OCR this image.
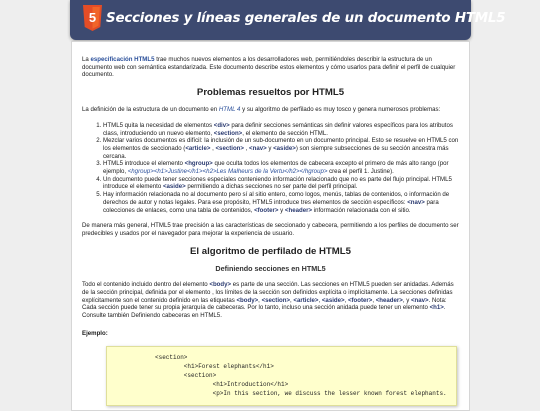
5 Secciones y líneas generales de un documento HTML5

La especificación HTML5 trae muchos nuevos elementos a los desarrolladores web, permitiéndoles describir la estructura de un documento web con semántica estandarizada. Este documento describe estos elementos y cómo usarlos para definir el perfil de cualquier documento.

Problemas resueltos por HTML5

La definición de la estructura de un documento en HTML 4 y su algoritmo de perfilado es muy tosco y genera numerosos problemas:

1. HTML5 quita la necesidad de elementos <div> para definir secciones semánticas sin definir valores específicos para los atributos class, introduciendo un nuevo elemento, <section>, el elemento de sección HTML.
2. Mezclar varios documentos es difícil: la inclusión de un sub-documento en un documento principal. Esto se resuelve en HTML5 con los elementos de seccionado (<article> , <section> , <nav> y <aside>) son siempre subsecciones de su sección ancestra más cercana.
3. HTML5 introduce el elemento <hgroup> que oculta todos los elementos de cabecera excepto el primero de más alto rango (por ejemplo, <hgroup><h1>Justine</h1><h2>Les Malheurs de la Vertu</h2></hgroup> crea el perfil 1. Justine).
4. Un documento puede tener secciones especiales conteniendo información relacionado que no es parte del flujo principal. HTML5 introduce el elemento <aside> permitiendo a dichas secciones no ser parte del perfil principal.
5. Hay información relacionada no al documento pero sí al sitio entero, como logos, menús, tablas de contenidos, o información de derechos de autor y notas legales. Para ese propósito, HTML5 introduce tres elementos de sección específicos: <nav> para colecciones de enlaces, como una tabla de contenidos, <footer> y <header> información relacionada con el sitio.

De manera más general, HTML5 trae precisión a las características de seccionado y cabecera, permitiendo a los perfiles de documento ser predecibles y usados por el navegador para mejorar la experiencia de usuario.

El algoritmo de perfilado de HTML5
Definiendo secciones en HTML5

Todo el contenido incluido dentro del elemento <body> es parte de una sección. Las secciones en HTML5 pueden ser anidadas. Además de la sección principal, definida por el elemento , los límites de la sección son definidos explícita o implícitamente. La secciones definidas explícitamente son el contenido definido en las etiquetas <body>, <section>, <article>, <aside>, <footer>, <header>, y <nav>. Nota: Cada sección puede tener su propia jerarquía de cabeceras. Por lo tanto, incluso una sección anidada puede tener un elemento <h1>. Consulte también Definiendo cabeceras en HTML5.

Ejemplo:
<section>
<h1>Forest elephants</h1>
<section>
<h1>Introduction</h1>
<p>In this section, we discuss the lesser known forest elephants.
